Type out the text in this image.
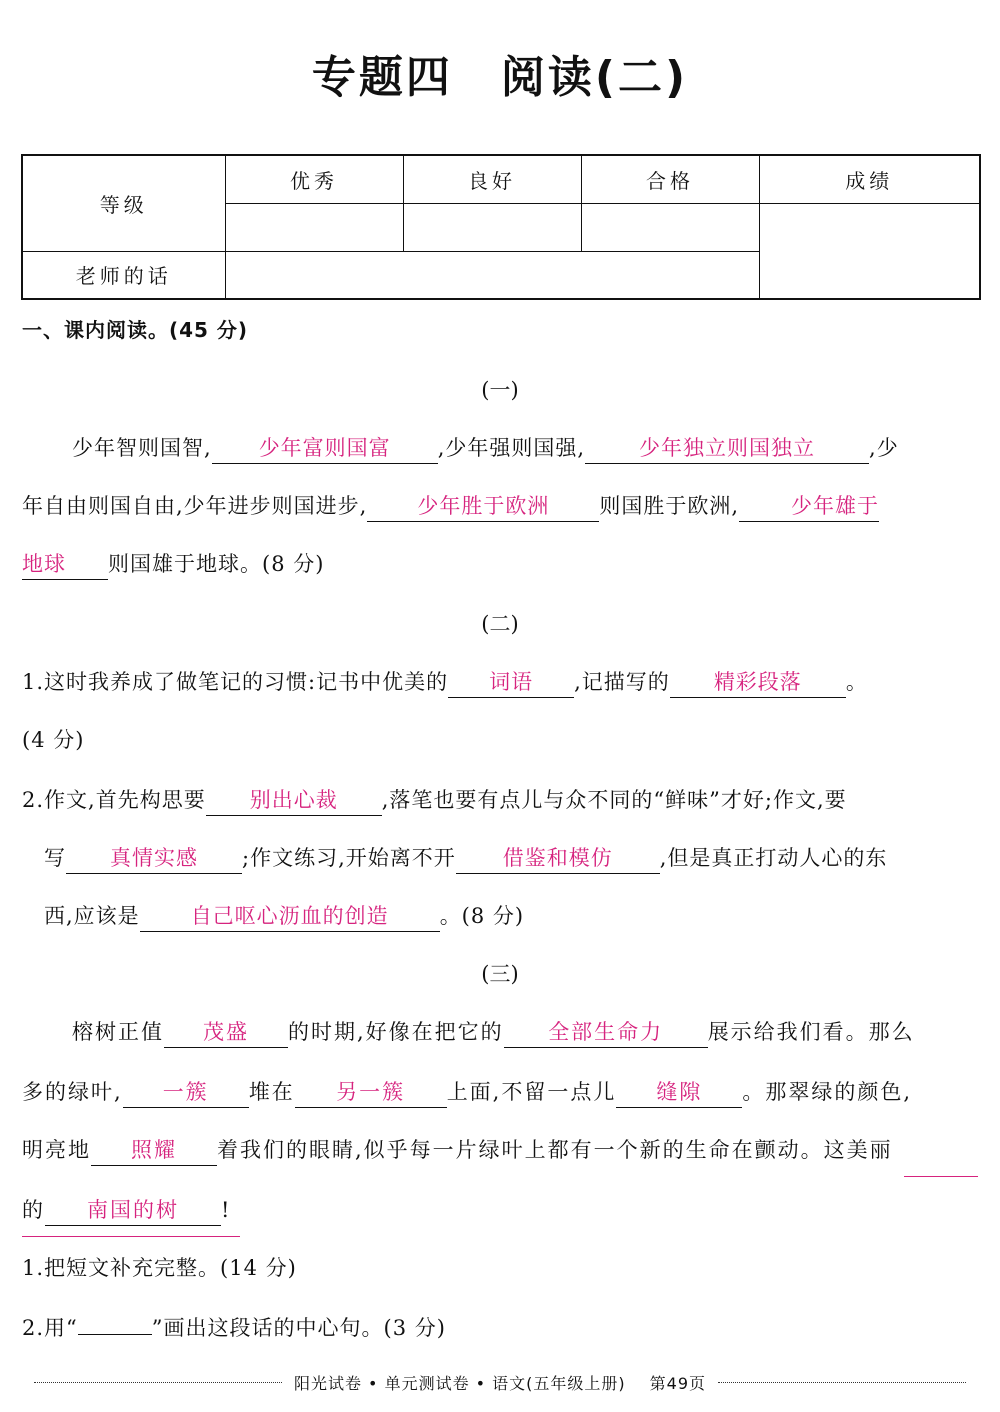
专题四 阅读(二)
等级	优秀	良好	合格	成绩

老师的话				
一、课内阅读。(45 分)
(一)
少年智则国智, 少年富则国富 ,少年强则国强,	少年独立则国独立	,少
年自由则国自由,少年进步则国进步, 少年胜于欧洲 则国胜于欧洲, 少年雄于
地球 则国雄于地球。(8 分)
(二)
1.这时我养成了做笔记的习惯:记书中优美的 词语 ,记描写的 精彩段落 。
(4 分)
2.作文,首先构思要 别出心裁 ,落笔也要有点儿与众不同的“鲜味”才好;作文,要
写 真情实感 ;作文练习,开始离不开 借鉴和模仿 ,但是真正打动人心的东
西,应该是 自己呕心沥血的创造 。(8 分)
(三)
榕树正值 茂盛 的时期,好像在把它的 全部生命力 展示给我们看。那么
多的绿叶, 一簇 堆在 另一簇 上面,不留一点儿 缝隙 。那翠绿的颜色,
明亮地 照耀 着我们的眼睛,似乎每一片绿叶上都有一个新的生命在颤动。这美丽
的 南国的树 !
1.把短文补充完整。(14 分)
2.用“	”画出这段话的中心句。(3 分)
阳光试卷 • 单元测试卷 • 语文(五年级上册) 第49页
